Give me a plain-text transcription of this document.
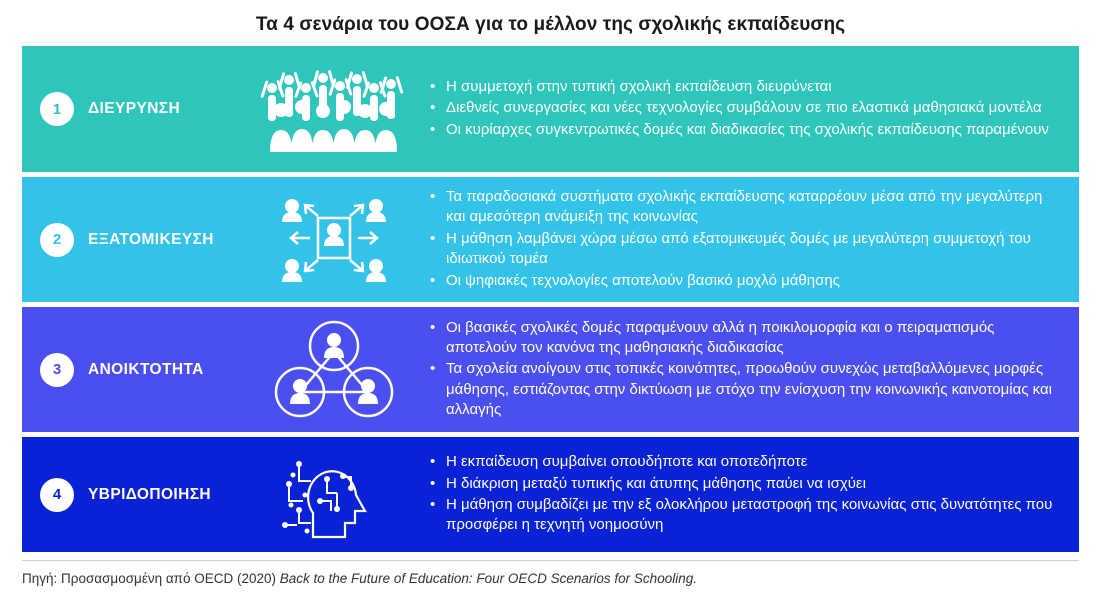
Τα 4 σενάρια του ΟΟΣΑ για το μέλλον της σχολικής εκπαίδευσης
1	ΔΙΕΥΡΥΝΣΗ
• Η συμμετοχή στην τυπική σχολική εκπαίδευση διευρύνεται
• Διεθνείς συνεργασίες και νέες τεχνολογίες συμβάλουν σε πιο ελαστικά μαθησιακά μοντέλα
• Οι κυρίαρχες συγκεντρωτικές δομές και διαδικασίες της σχολικής εκπαίδευσης παραμένουν
2	ΕΞΑΤΟΜΙΚΕΥΣΗ
• Τα παραδοσιακά συστήματα σχολικής εκπαίδευσης καταρρέουν μέσα από την μεγαλύτερη και αμεσότερη ανάμειξη της κοινωνίας
• Η μάθηση λαμβάνει χώρα μέσω από εξατομικευμές δομές με μεγαλύτερη συμμετοχή του ιδιωτικού τομέα
• Οι ψηφιακές τεχνολογίες αποτελούν βασικό μοχλό μάθησης
3	ΑΝΟΙΚΤΟΤΗΤΑ
• Οι βασικές σχολικές δομές παραμένουν αλλά η ποικιλομορφία και ο πειραματισμός αποτελούν τον κανόνα της μαθησιακής διαδικασίας
• Τα σχολεία ανοίγουν στις τοπικές κοινότητες, προωθούν συνεχώς μεταβαλλόμενες μορφές μάθησης, εστιάζοντας στην δικτύωση με στόχο την ενίσχυση την κοινωνικής καινοτομίας και αλλαγής
4	ΥΒΡΙΔΟΠΟΙΗΣΗ
• Η εκπαίδευση συμβαίνει οπουδήποτε και οποτεδήποτε
• Η διάκριση μεταξύ τυπικής και άτυπης μάθησης παύει να ισχύει
• Η μάθηση συμβαδίζει με την εξ ολοκλήρου μεταστροφή της κοινωνίας στις δυνατότητες που προσφέρει η τεχνητή νοημοσύνη
Πηγή: Προσασμοσμένη από OECD (2020) Back to the Future of Education: Four OECD Scenarios for Schooling.
